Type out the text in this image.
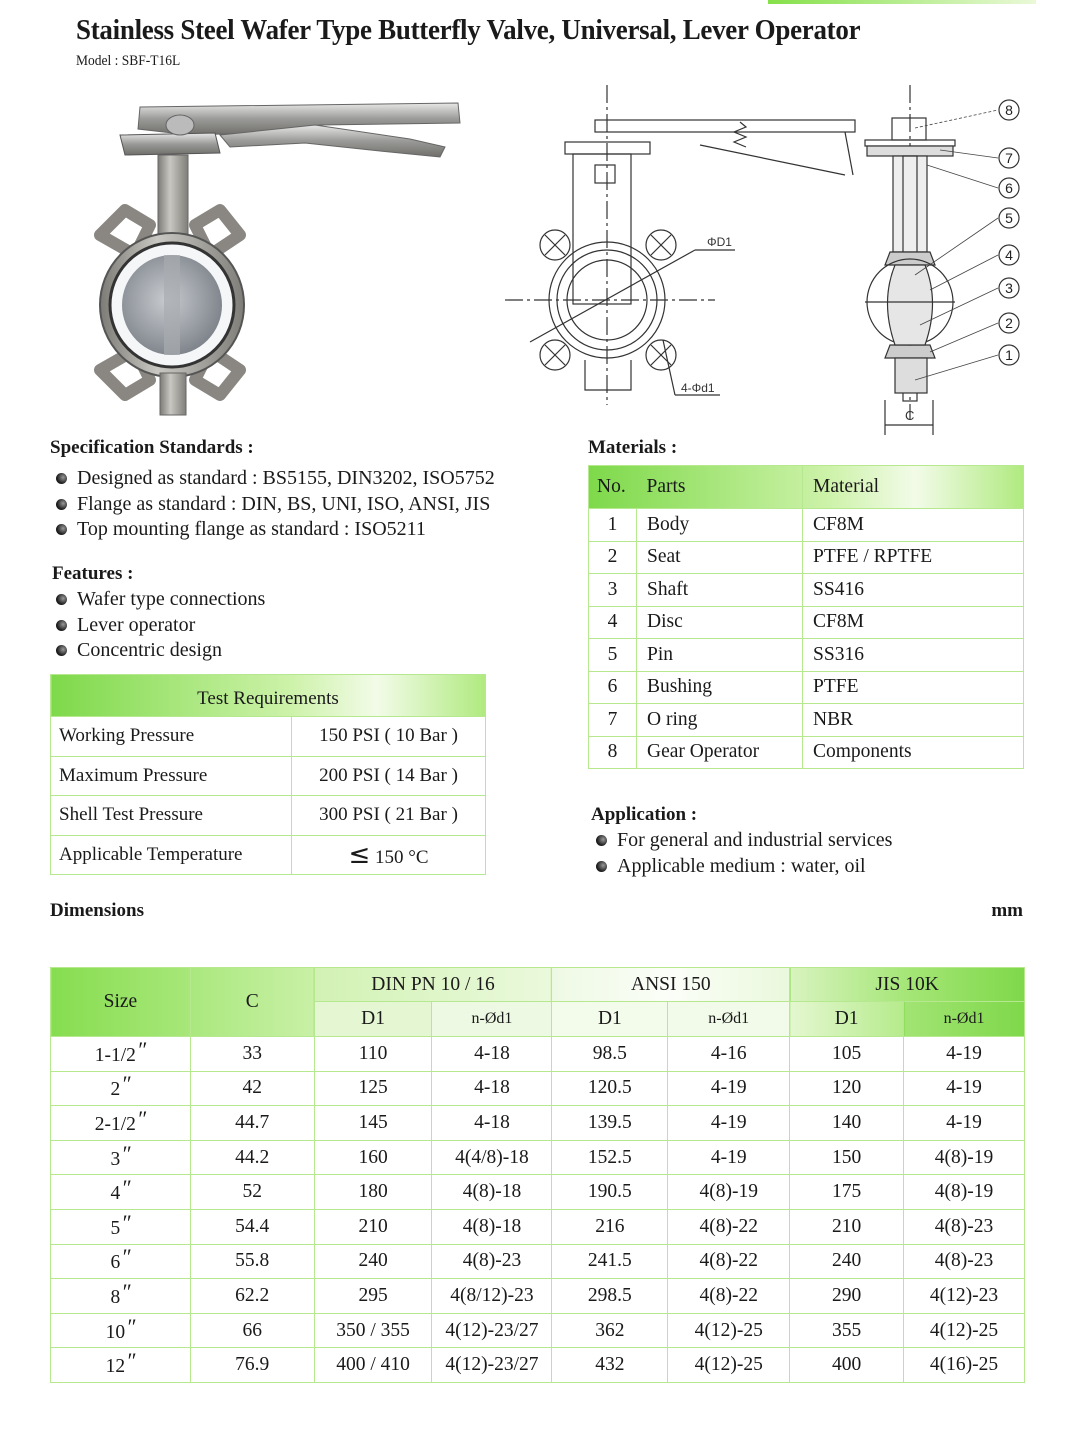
Stainless Steel Wafer Type Butterfly Valve, Universal, Lever Operator
Model : SBF-T16L
ΦD1
4-Φd1
C
8
7
6
5
4
3
2
1
Specification Standards :
Designed as standard : BS5155, DIN3202, ISO5752
Flange as standard : DIN, BS, UNI, ISO, ANSI, JIS
Top mounting flange as standard : ISO5211
Features :
Wafer type connections
Lever operator
Concentric design
Test Requirements	
Working Pressure	150 PSI ( 10 Bar )
Maximum Pressure	200 PSI ( 14 Bar )
Shell Test Pressure	300 PSI ( 21 Bar )
Applicable Temperature	≤ 150 °C
Materials :
No.	Parts	Material
1	Body	CF8M
2	Seat	PTFE / RPTFE
3	Shaft	SS416
4	Disc	CF8M
5	Pin	SS316
6	Bushing	PTFE
7	O ring	NBR
8	Gear Operator	Components
Application :
For general and industrial services
Applicable medium : water, oil
Dimensions	mm
Size	C	DIN PN 10 / 16		ANSI 150		JIS 10K	
		D1	n-Ød1	D1	n-Ød1	D1	n-Ød1
1-1/2″	33	110	4-18	98.5	4-16	105	4-19
2″	42	125	4-18	120.5	4-19	120	4-19
2-1/2″	44.7	145	4-18	139.5	4-19	140	4-19
3″	44.2	160	4(4/8)-18	152.5	4-19	150	4(8)-19
4″	52	180	4(8)-18	190.5	4(8)-19	175	4(8)-19
5″	54.4	210	4(8)-18	216	4(8)-22	210	4(8)-23
6″	55.8	240	4(8)-23	241.5	4(8)-22	240	4(8)-23
8″	62.2	295	4(8/12)-23	298.5	4(8)-22	290	4(12)-23
10″	66	350 / 355	4(12)-23/27	362	4(12)-25	355	4(12)-25
12″	76.9	400 / 410	4(12)-23/27	432	4(12)-25	400	4(16)-25
